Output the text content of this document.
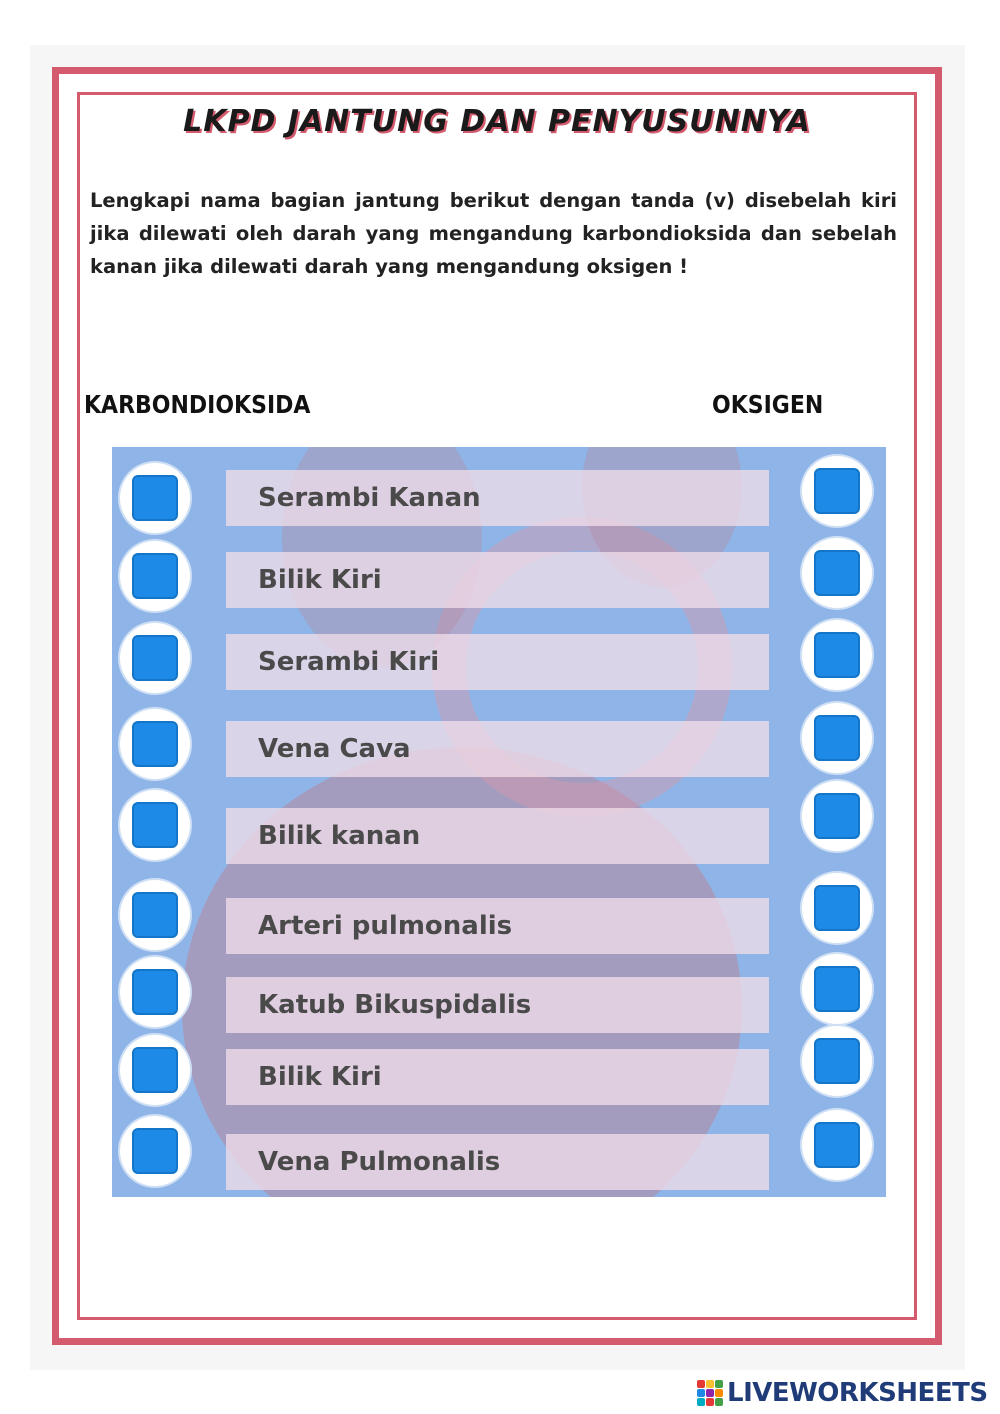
LKPD JANTUNG DAN PENYUSUNNYA
Lengkapi nama bagian jantung berikut dengan tanda (v) disebelah kiri jika dilewati oleh darah yang mengandung karbondioksida dan sebelah kanan jika dilewati darah yang mengandung oksigen !
KARBONDIOKSIDA	OKSIGEN
Serambi Kanan
Bilik Kiri
Serambi Kiri
Vena Cava
Bilik kanan
Arteri pulmonalis
Katub Bikuspidalis
Bilik Kiri
Vena Pulmonalis
LIVEWORKSHEETS
